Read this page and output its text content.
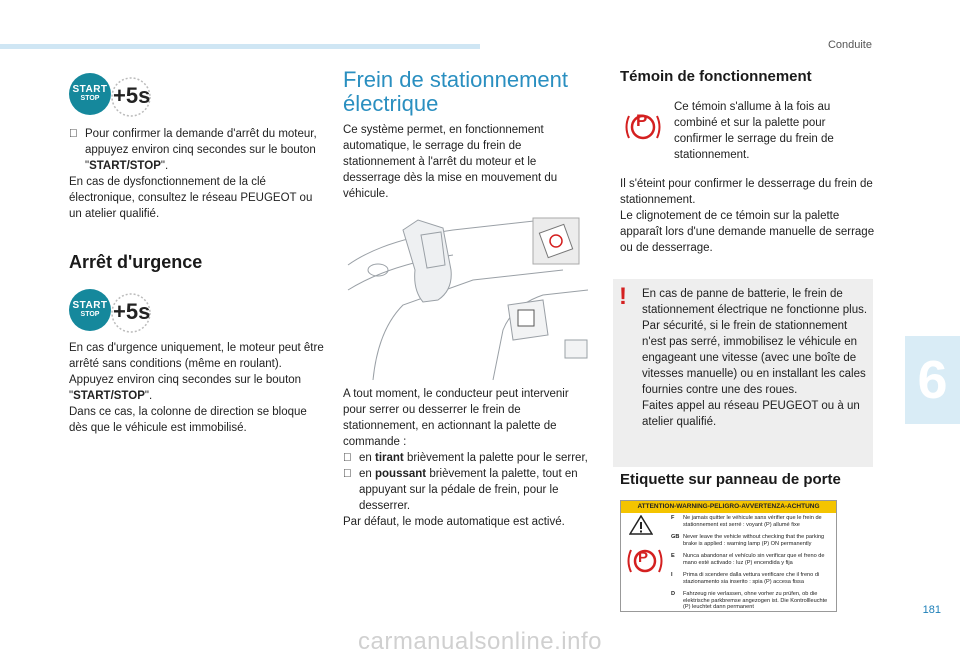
Conduite
6
181
START
STOP +5s

Pour confirmer la demande d'arrêt du moteur, appuyez environ cinq secondes sur le bouton "START/STOP".

En cas de dysfonctionnement de la clé électronique, consultez le réseau PEUGEOT ou un atelier qualifié.

Arrêt d'urgence
START
STOP +5s

En cas d'urgence uniquement, le moteur peut être arrêté sans conditions (même en roulant).

Appuyez environ cinq secondes sur le bouton "START/STOP".

Dans ce cas, la colonne de direction se bloque dès que le véhicule est immobilisé.

Frein de stationnement
électrique
Ce système permet, en fonctionnement automatique, le serrage du frein de stationnement à l'arrêt du moteur et le desserrage dès la mise en mouvement du véhicule.

A tout moment, le conducteur peut intervenir pour serrer ou desserrer le frein de stationnement, en actionnant la palette de commande :

en tirant brièvement la palette pour le serrer,

en poussant brièvement la palette, tout en appuyant sur la pédale de frein, pour le desserrer.

Par défaut, le mode automatique est activé.

Témoin de fonctionnement
P
Ce témoin s'allume à la fois au combiné et sur la palette pour confirmer le serrage du frein de stationnement.

Il s'éteint pour confirmer le desserrage du frein de stationnement.

Le clignotement de ce témoin sur la palette apparaît lors d'une demande manuelle de serrage ou de desserrage.

! En cas de panne de batterie, le frein de stationnement électrique ne fonctionne plus.

Par sécurité, si le frein de stationnement n'est pas serré, immobilisez le véhicule en engageant une vitesse (avec une boîte de vitesses manuelle) ou en installant les cales fournies contre une des roues.

Faites appel au réseau PEUGEOT ou à un atelier qualifié.

Etiquette sur panneau de porte
ATTENTION-WARNING-PELIGRO-AVVERTENZA-ACHTUNG
P
F	Ne jamais quitter le véhicule sans vérifier que le frein de stationnement est serré : voyant (P) allumé fixe
GB Never leave the vehicle without checking that the parking brake is applied : warning lamp (P) ON permanently
E	Nunca abandonar el vehículo sin verificar que el freno de mano esté activado : luz (P) encendida y fija
I	Prima di scendere dalla vettura verificare che il freno di stazionamento sia inserito : spia (P) accesa fissa
D	Fahrzeug nie verlassen, ohne vorher zu prüfen, ob die elektrische parkbremse angezogen ist. Die Kontrollleuchte (P) leuchtet dann permanent
carmanualsonline.info
